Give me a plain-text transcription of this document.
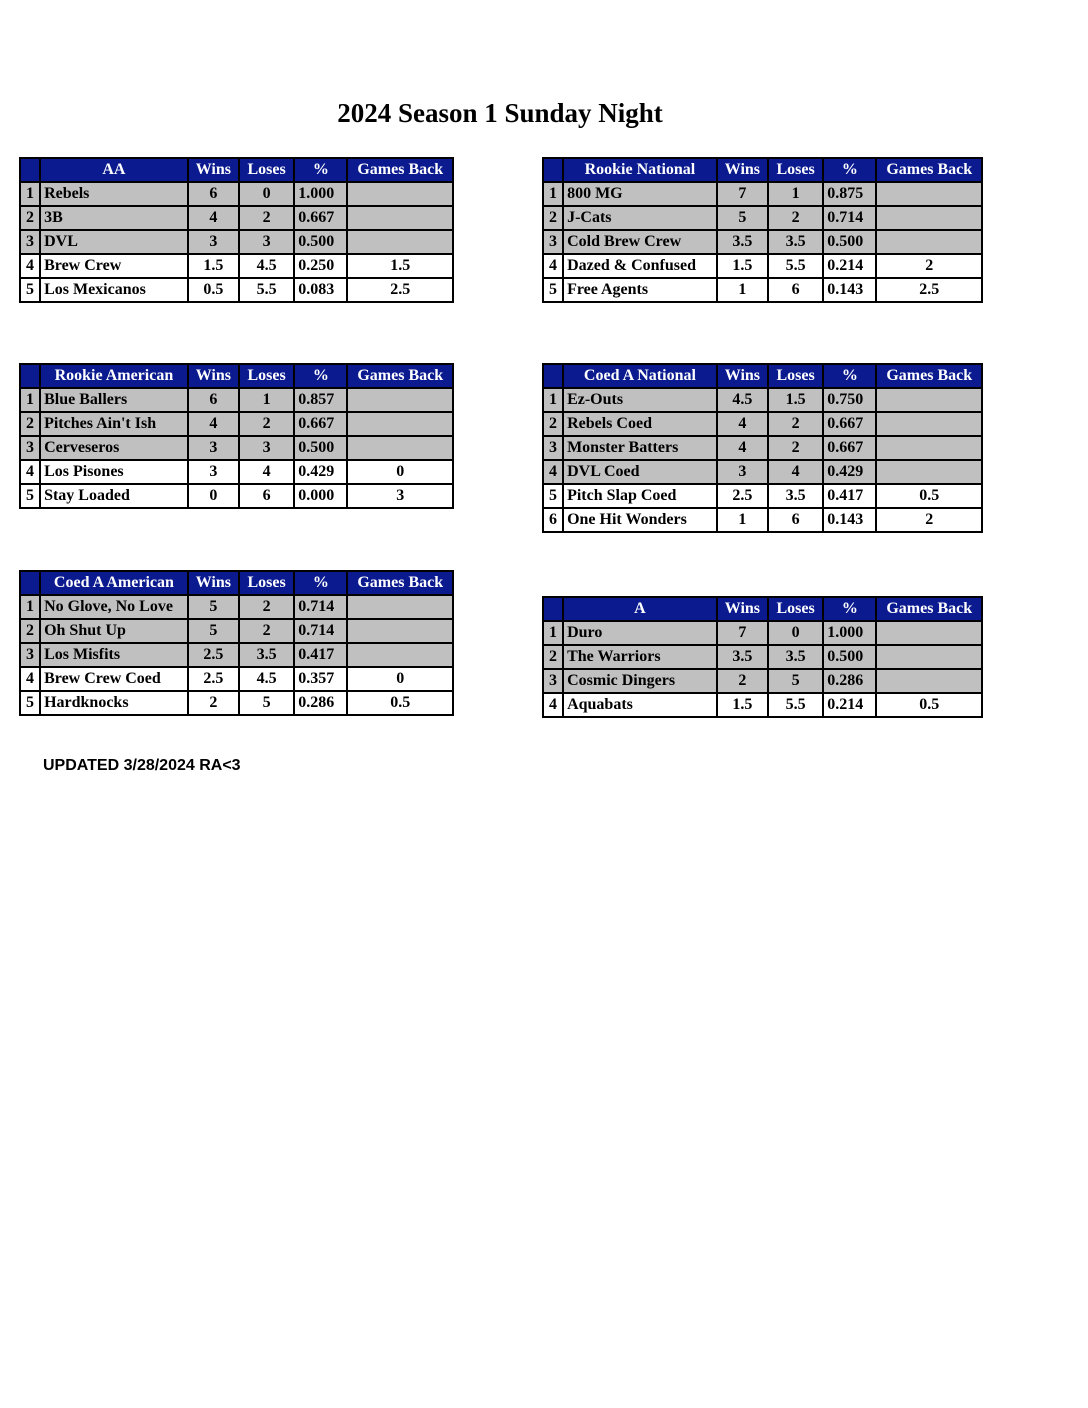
2024 Season 1 Sunday Night
	AA	Wins	Loses	%	Games Back
1	Rebels	6	0	1.000	
2	3B	4	2	0.667	
3	DVL	3	3	0.500	
4	Brew Crew	1.5	4.5	0.250	1.5
5	Los Mexicanos	0.5	5.5	0.083	2.5
	Rookie National	Wins	Loses	%	Games Back
1	800 MG	7	1	0.875	
2	J-Cats	5	2	0.714	
3	Cold Brew Crew	3.5	3.5	0.500	
4	Dazed & Confused	1.5	5.5	0.214	2
5	Free Agents	1	6	0.143	2.5
	Rookie American	Wins	Loses	%	Games Back
1	Blue Ballers	6	1	0.857	
2	Pitches Ain't Ish	4	2	0.667	
3	Cerveseros	3	3	0.500	
4	Los Pisones	3	4	0.429	0
5	Stay Loaded	0	6	0.000	3
	Coed A National	Wins	Loses	%	Games Back
1	Ez-Outs	4.5	1.5	0.750	
2	Rebels Coed	4	2	0.667	
3	Monster Batters	4	2	0.667	
4	DVL Coed	3	4	0.429	
5	Pitch Slap Coed	2.5	3.5	0.417	0.5
6	One Hit Wonders	1	6	0.143	2
	Coed A American	Wins	Loses	%	Games Back
1	No Glove, No Love	5	2	0.714	
2	Oh Shut Up	5	2	0.714	
3	Los Misfits	2.5	3.5	0.417	
4	Brew Crew Coed	2.5	4.5	0.357	0
5	Hardknocks	2	5	0.286	0.5
	A	Wins	Loses	%	Games Back
1	Duro	7	0	1.000	
2	The Warriors	3.5	3.5	0.500	
3	Cosmic Dingers	2	5	0.286	
4	Aquabats	1.5	5.5	0.214	0.5
UPDATED 3/28/2024 RA<3
